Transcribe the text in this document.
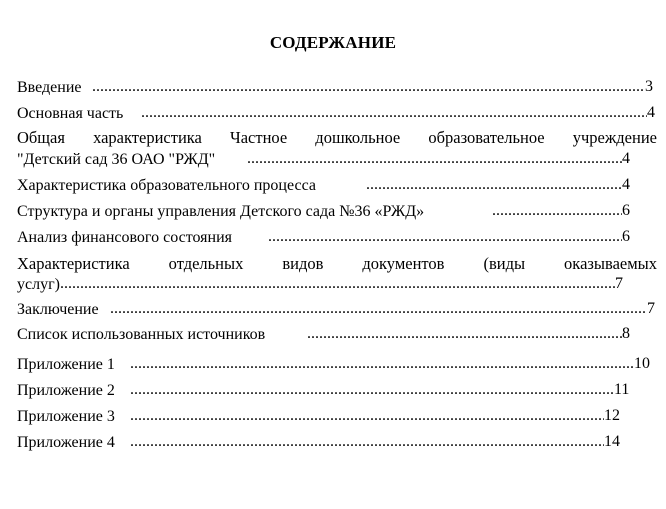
СОДЕРЖАНИЕ
Введение .....	3
Основная часть .....	4
Общая характеристика Частное дошкольное образовательное учреждение
"Детский сад 36 ОАО "РЖД" .....	4
Характеристика образовательного процесса .....	4
Структура и органы управления Детского сада №36 «РЖД» .....	6
Анализ финансового состояния .....	6
Характеристика отдельных видов документов (виды оказываемых
услуг) .....	7
Заключение .....	7
Список использованных источников .....	8
Приложение 1 .....	10
Приложение 2 .....	11
Приложение 3 .....	12
Приложение 4 .....	14
